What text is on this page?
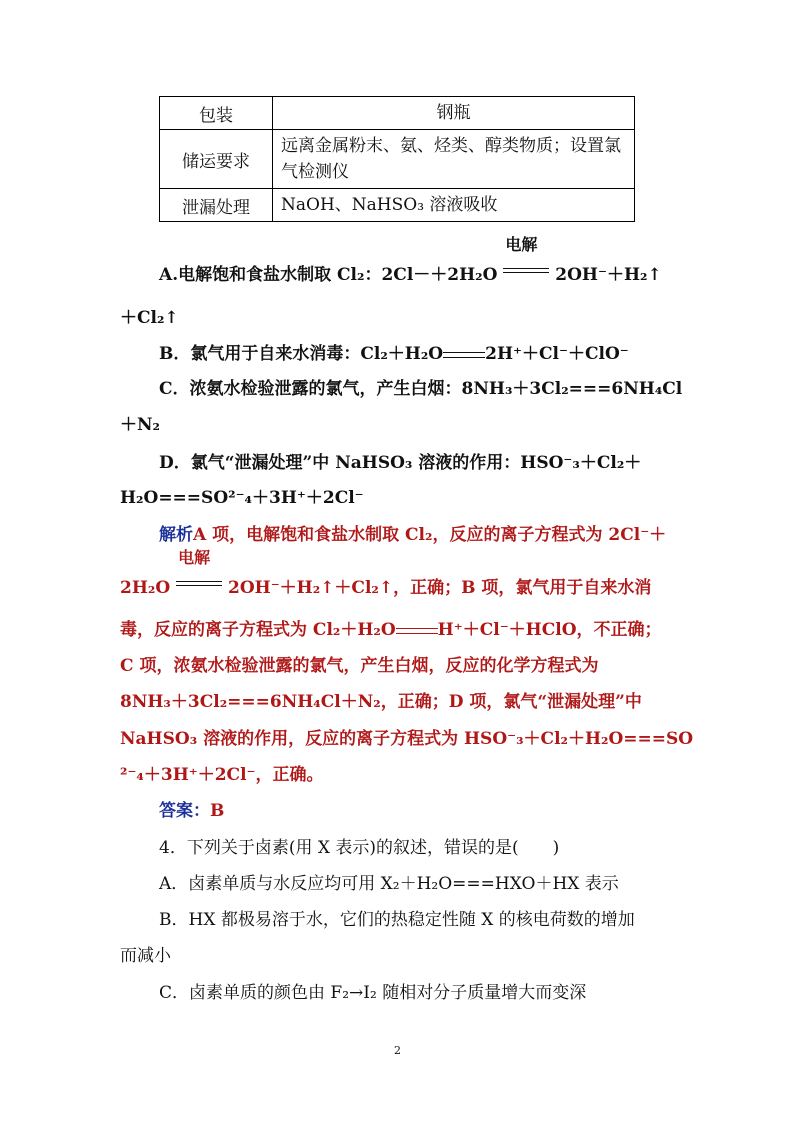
包装	钢瓶
储运要求	远离金属粉末、氨、烃类、醇类物质；设置氯气检测仪
泄漏处理	NaOH、NaHSO₃ 溶液吸收
A.电解饱和食盐水制取 Cl₂：2Cl－＋2H₂O
电解
2OH⁻＋H₂↑
＋Cl₂↑
B．氯气用于自来水消毒：Cl₂＋H₂O 2H⁺＋Cl⁻＋ClO⁻
C．浓氨水检验泄露的氯气，产生白烟：8NH₃＋3Cl₂===6NH₄Cl
＋N₂
D．氯气“泄漏处理”中 NaHSO₃ 溶液的作用：HSO⁻₃＋Cl₂＋
H₂O===SO²⁻₄＋3H⁺＋2Cl⁻
解析A 项，电解饱和食盐水制取 Cl₂，反应的离子方程式为 2Cl⁻＋
2H₂O
电解
2OH⁻＋H₂↑＋Cl₂↑，正确；B 项，氯气用于自来水消
毒，反应的离子方程式为 Cl₂＋H₂O H⁺＋Cl⁻＋HClO，不正确；
C 项，浓氨水检验泄露的氯气，产生白烟，反应的化学方程式为
8NH₃＋3Cl₂===6NH₄Cl＋N₂，正确；D 项，氯气“泄漏处理”中
NaHSO₃ 溶液的作用，反应的离子方程式为 HSO⁻₃＋Cl₂＋H₂O===SO
²⁻₄＋3H⁺＋2Cl⁻，正确。
答案：B
4．下列关于卤素(用 X 表示)的叙述，错误的是(　　)
A．卤素单质与水反应均可用 X₂＋H₂O===HXO＋HX 表示
B．HX 都极易溶于水，它们的热稳定性随 X 的核电荷数的增加
而减小
C．卤素单质的颜色由 F₂→I₂ 随相对分子质量增大而变深
2
